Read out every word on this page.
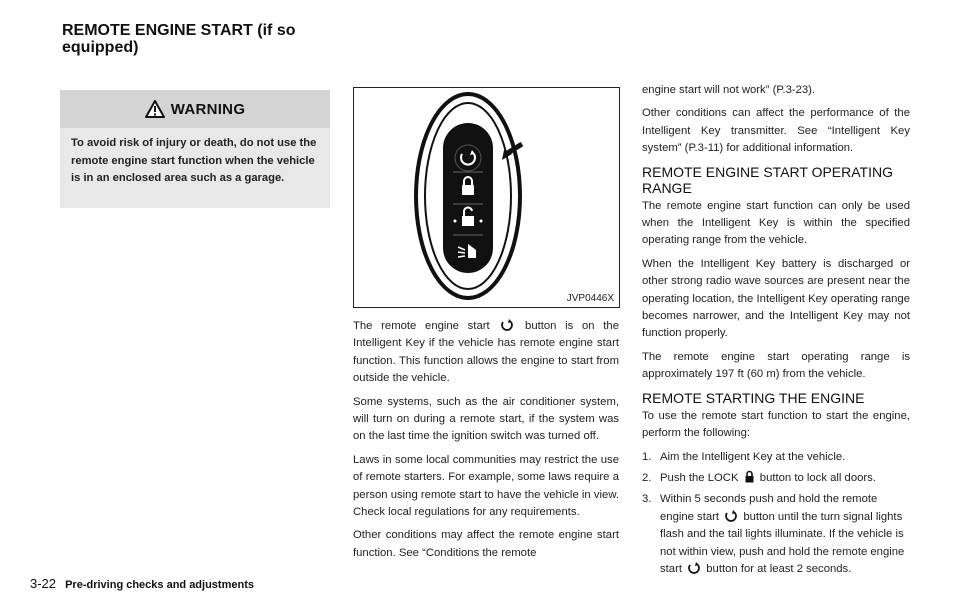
REMOTE ENGINE START (if so equipped)
WARNING
To avoid risk of injury or death, do not use the remote engine start function when the vehicle is in an enclosed area such as a garage.
JVP0446X

The remote engine start	button is on the Intelligent Key if the vehicle has remote engine start function. This function allows the engine to start from outside the vehicle.

Some systems, such as the air conditioner system, will turn on during a remote start, if the system was on the last time the ignition switch was turned off.

Laws in some local communities may restrict the use of remote starters. For example, some laws require a person using remote start to have the vehicle in view. Check local regulations for any requirements.

Other conditions may affect the remote engine start function. See “Conditions the remote

engine start will not work” (P.3-23).

Other conditions can affect the performance of the Intelligent Key transmitter. See “Intelligent Key system” (P.3-11) for additional information.

REMOTE ENGINE START OPERATING RANGE

The remote engine start function can only be used when the Intelligent Key is within the specified operating range from the vehicle.

When the Intelligent Key battery is discharged or other strong radio wave sources are present near the operating location, the Intelligent Key operating range becomes narrower, and the Intelligent Key may not function properly.

The remote engine start operating range is approximately 197 ft (60 m) from the vehicle.

REMOTE STARTING THE ENGINE

To use the remote start function to start the engine, perform the following:

1. Aim the Intelligent Key at the vehicle.
2. Push the LOCK button to lock all doors.
3. Within 5 seconds push and hold the remote engine start button until the turn signal lights flash and the tail lights illuminate. If the vehicle is not within view, push and hold the remote engine start button for at least 2 seconds.
3-22 Pre-driving checks and adjustments
